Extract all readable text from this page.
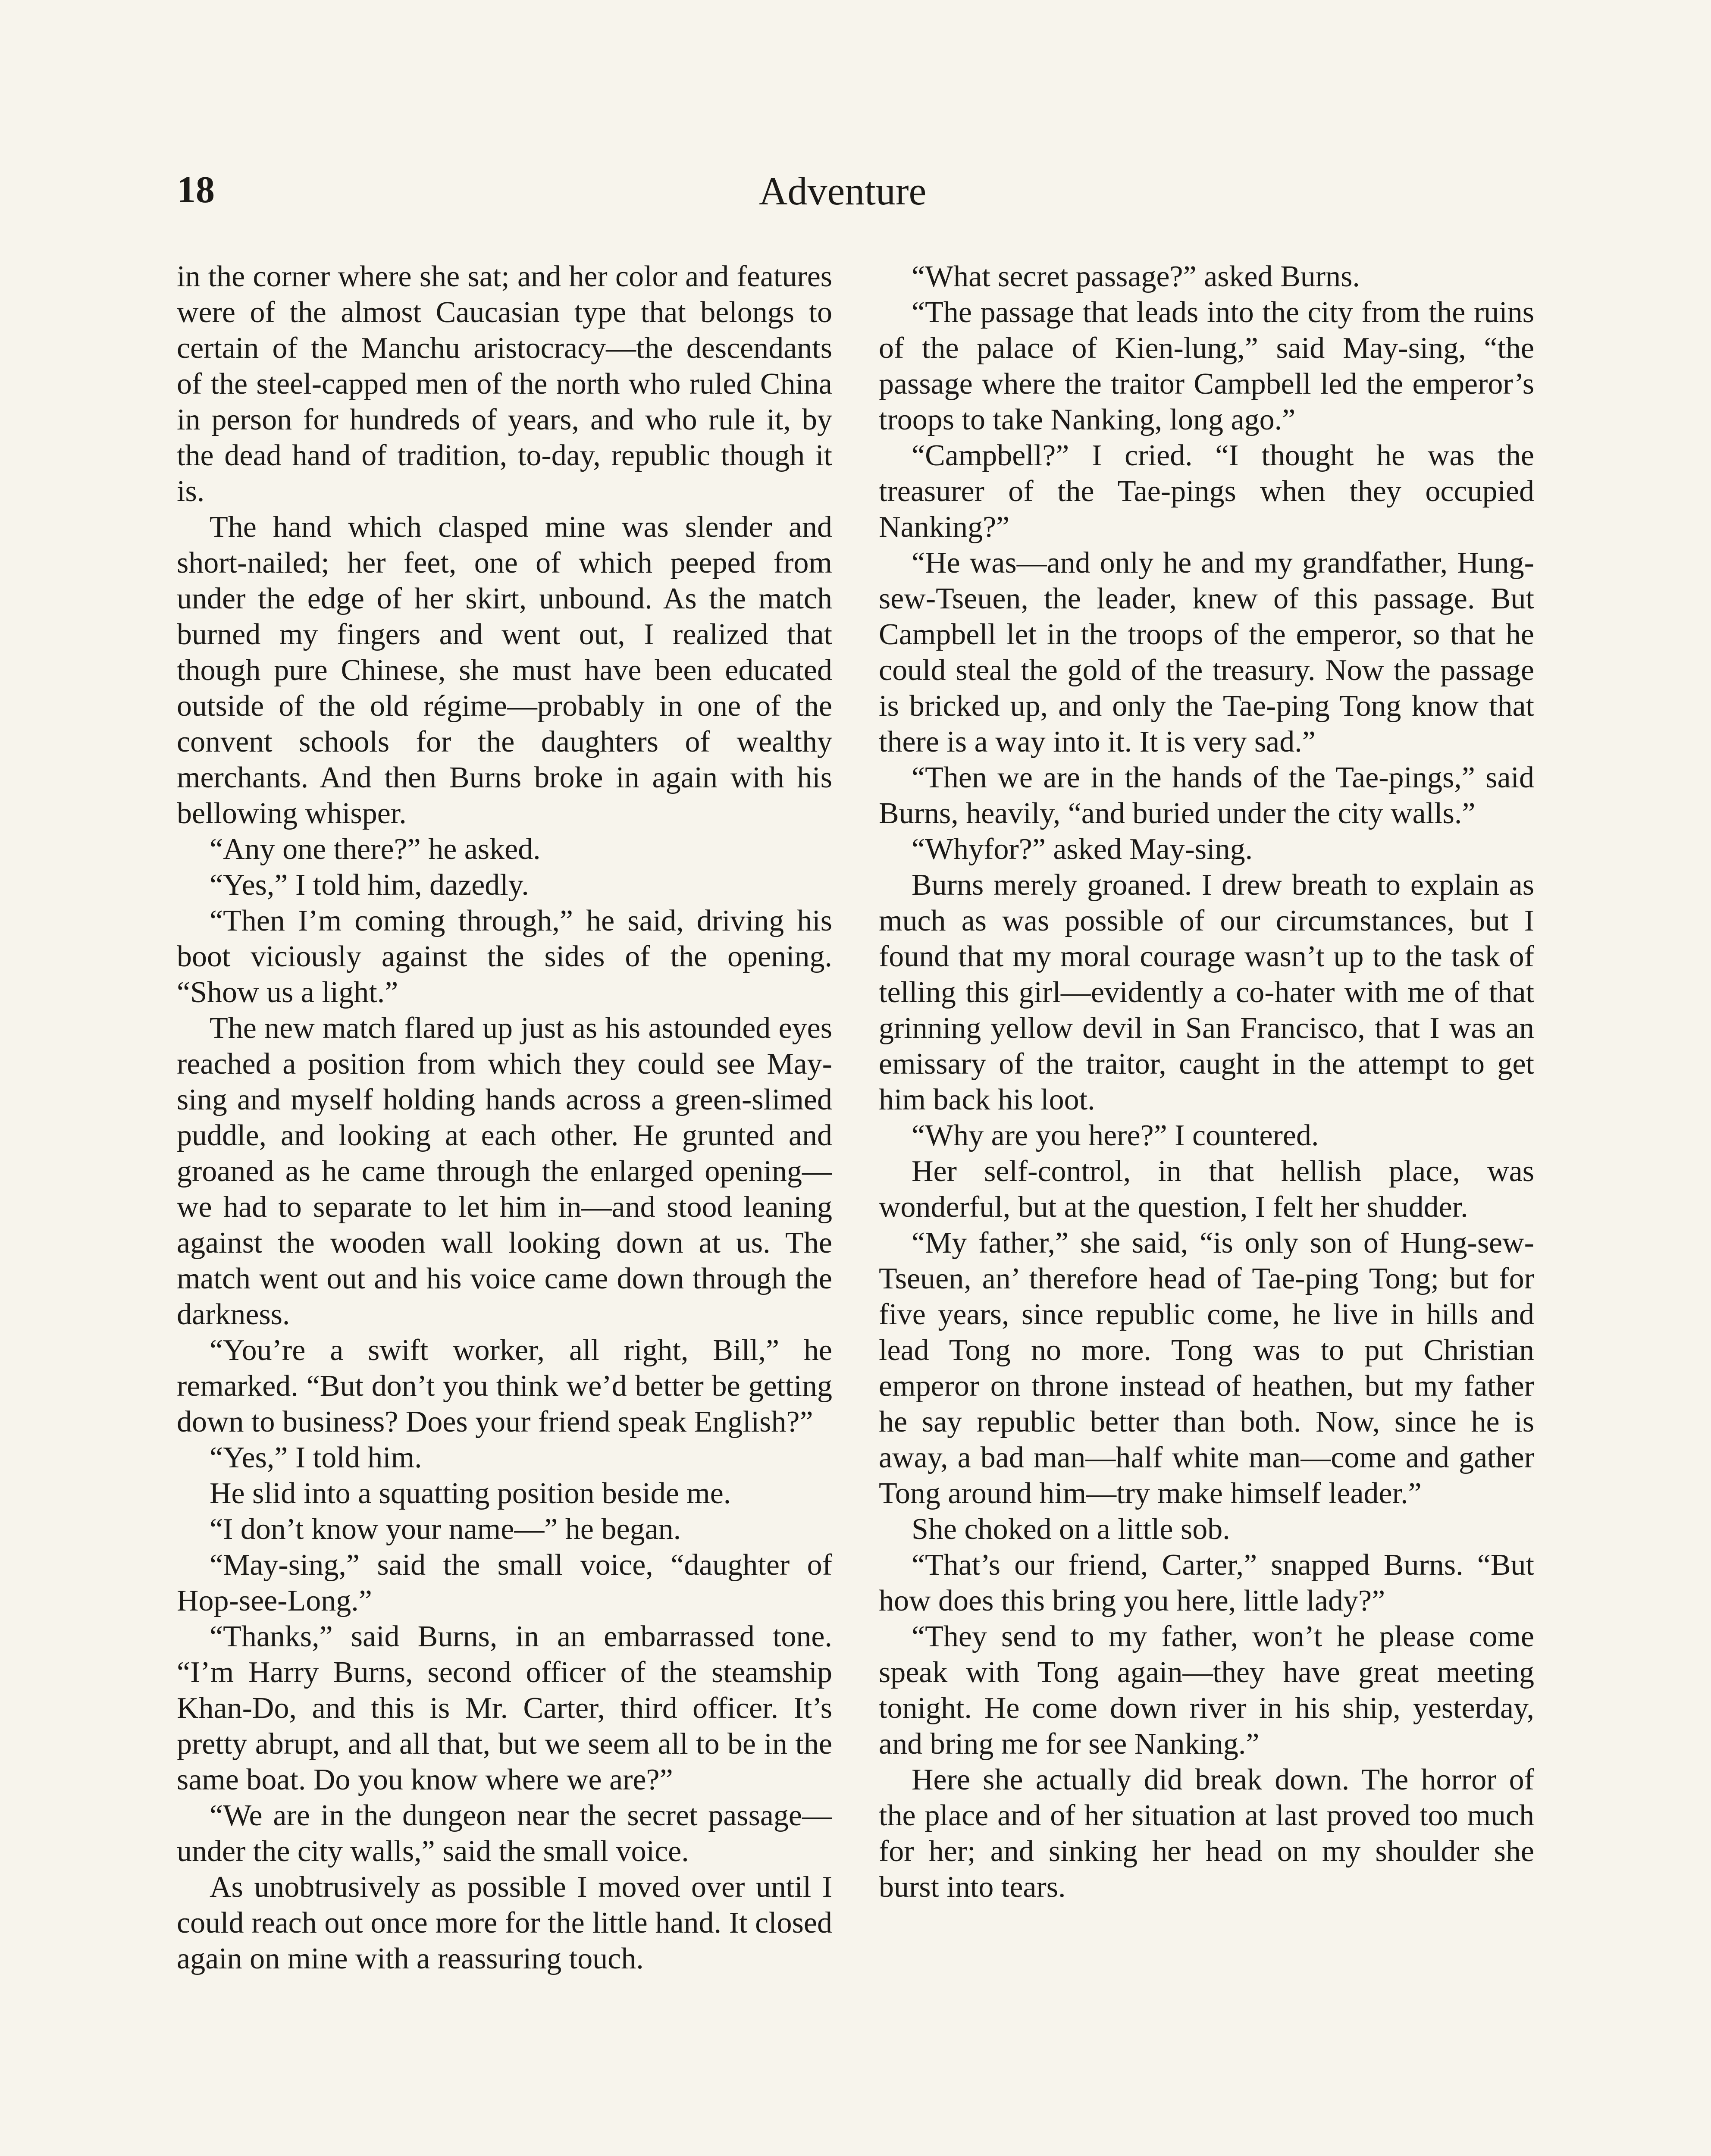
18	Adventure

in the corner where she sat; and her color and features were of the almost Caucasian type that belongs to certain of the Manchu aristocracy—the descendants of the steel-capped men of the north who ruled China in person for hundreds of years, and who rule it, by the dead hand of tradition, to-day, republic though it is.

The hand which clasped mine was slender and short-nailed; her feet, one of which peeped from under the edge of her skirt, unbound. As the match burned my fingers and went out, I realized that though pure Chinese, she must have been educated outside of the old régime—probably in one of the convent schools for the daughters of wealthy merchants. And then Burns broke in again with his bellowing whisper.

“Any one there?” he asked.

“Yes,” I told him, dazedly.

“Then I’m coming through,” he said, driving his boot viciously against the sides of the opening. “Show us a light.”

The new match flared up just as his astounded eyes reached a position from which they could see May-sing and myself holding hands across a green-slimed puddle, and looking at each other. He grunted and groaned as he came through the enlarged opening—we had to separate to let him in—and stood leaning against the wooden wall looking down at us. The match went out and his voice came down through the darkness.

“You’re a swift worker, all right, Bill,” he remarked. “But don’t you think we’d better be getting down to business? Does your friend speak English?”

“Yes,” I told him.

He slid into a squatting position beside me.

“I don’t know your name—” he began.

“May-sing,” said the small voice, “daughter of Hop-see-Long.”

“Thanks,” said Burns, in an embarrassed tone. “I’m Harry Burns, second officer of the steamship Khan-Do, and this is Mr. Carter, third officer. It’s pretty abrupt, and all that, but we seem all to be in the same boat. Do you know where we are?”

“We are in the dungeon near the secret passage—under the city walls,” said the small voice.

As unobtrusively as possible I moved over until I could reach out once more for the little hand. It closed again on mine with a reassuring touch.

“What secret passage?” asked Burns.

“The passage that leads into the city from the ruins of the palace of Kien-lung,” said May-sing, “the passage where the traitor Campbell led the emperor’s troops to take Nanking, long ago.”

“Campbell?” I cried. “I thought he was the treasurer of the Tae-pings when they occupied Nanking?”

“He was—and only he and my grandfather, Hung-sew-Tseuen, the leader, knew of this passage. But Campbell let in the troops of the emperor, so that he could steal the gold of the treasury. Now the passage is bricked up, and only the Tae-ping Tong know that there is a way into it. It is very sad.”

“Then we are in the hands of the Tae-pings,” said Burns, heavily, “and buried under the city walls.”

“Whyfor?” asked May-sing.

Burns merely groaned. I drew breath to explain as much as was possible of our circumstances, but I found that my moral courage wasn’t up to the task of telling this girl—evidently a co-hater with me of that grinning yellow devil in San Francisco, that I was an emissary of the traitor, caught in the attempt to get him back his loot.

“Why are you here?” I countered.

Her self-control, in that hellish place, was wonderful, but at the question, I felt her shudder.

“My father,” she said, “is only son of Hung-sew-Tseuen, an’ therefore head of Tae-ping Tong; but for five years, since republic come, he live in hills and lead Tong no more. Tong was to put Christian emperor on throne instead of heathen, but my father he say republic better than both. Now, since he is away, a bad man—half white man—come and gather Tong around him—try make himself leader.”

She choked on a little sob.

“That’s our friend, Carter,” snapped Burns. “But how does this bring you here, little lady?”

“They send to my father, won’t he please come speak with Tong again—they have great meeting tonight. He come down river in his ship, yesterday, and bring me for see Nanking.”

Here she actually did break down. The horror of the place and of her situation at last proved too much for her; and sinking her head on my shoulder she burst into tears.
